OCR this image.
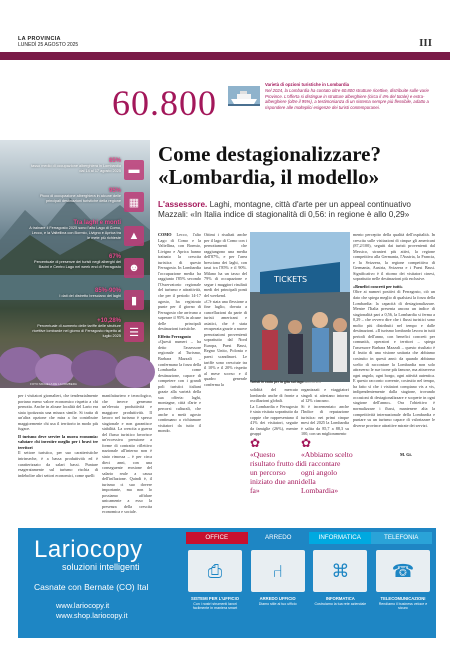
LA PROVINCIA
LUNEDÌ 25 AGOSTO 2025	III
60.800	Varietà di opzioni turistiche in Lombardia
Nel 2024, la Lombardia ha contato oltre 60.800 strutture ricettive, distribuite sulle varie Province. L'offerta si distingue in strutture alberghiere (circa il 4% del totale) e extra-alberghiere (oltre il 95%), a testimonianza di un sistema sempre più flessibile, adatto a rispondere alle molteplici esigenze dei turisti contemporanei.
85%
tasso medio di occupazione alberghiera in Lombardia dal 14 al 17 agosto 2025 ▬
95%
Picco di occupazione alberghiera in alcune delle principali destinazioni turistiche della regione ▦
Tra laghi e monti
A trainare il Ferragosto 2025 sono l'alto Lago di Como, Lecco, e la Valtellina con Bormio, Livigno e Aprica tra le mete più richieste ▲
67%
Percentuale di presenze dei turisti negli alberghi dei Bacini e Centro Lago nel week end di Ferragosto ☻
85%-90%
I dati del distretto bresciano dei laghi ▮
+10,28%
Percentuale di aumento delle tariffe delle strutture ricettive lombarde nel giorno di Ferragosto rispetto al luglio 2025 ☰
FOTO MICHELA DE LA PAMBERA
Come destagionalizzare? «Lombardia, il modello»
L'assessore. Laghi, montagne, città d'arte per un appeal continuativo Mazzali: «In Italia indice di stagionalità di 0,56: in regione è allo 0,29»
COMO Lecco, l'alto Lago di Como e la Valtellina, con Bormio, Livigno e Aprica hanno trainato la crescita turistica di questo Ferragosto. In Lombardia l'occupazione media ha raggiunto l'85% secondo l'Osservatorio regionale del turismo e attrattività, che per il periodo 14-17 agosto, ha registrato punte per il giorno di Ferragosto che arrivano a superare il 95% in alcune delle principali destinazioni turistiche.
Effetto Ferragosto
«Questi numeri – ha detto l'assessore regionale al Turismo, Barbara Mazzali – confermano la forza della Lombardia come destinazione, capace di competere con i grandi poli turistici italiani grazie alla varietà della sua offerta: laghi, montagne, città d'arte e percorsi culturali, che anche a metà agosto continuano a richiamare visitatori da tutto il mondo.
Ottimi i risultati anche per il lago di Como con i pernottamenti che raggiungono una media dell'87%, e per l'area bresciana dei laghi, con tassi tra l'85% e il 90%. Milano ha un tasso del 79% di occupazione e segue i maggiori risultati medi dei principali ponti del weekend.
«C'è stata una flessione a fine luglio, dovuta a cancellazioni da parte di turisti americani e asiatici, che è stata recuperata grazie a nuove prenotazioni provenienti soprattutto dal Nord Europa, Paesi Bassi, Regno Unito, Polonia e paesi scandinavi. Le tariffe sono cresciute tra il 10% e il 20% rispetto al mese scorso e il quadro generale conferma la
TICKETS
Turisti in coda per la gita sul lago ARCHIVIO
solidità del mercato lombardo anche di fronte a oscillazioni globali.
La Lombardia e Ferragosto è stata visitata soprattutto da coppie che rappresentano il 41% dei visitatori, seguite da famiglie (26%), mentre gruppi
organizzati e viaggiatori singoli si attestano intorno al 12% ciascuno.
Si è incrementato anche l'Indice di reputazione turistica: nei primi cinque mesi del 2025 la Lombardia è salita da 85,7 a 88,3 su 100, con un miglioramento
✿
«Questo risultato frutto di un percorso iniziato due anni fa»
✿
«Abbiamo scelto di raccontare ogni angolo della Lombardia»
mento percepito della qualità dell'ospitalità. In crescita sulle visitazioni di cinque gli americani (87,2/100), seguiti dai turisti provenienti dal Messico, stranieri più attivi, la regione competitiva alla Germania, l'Austria, la Francia, e la Svizzera, la regione competitiva di Germania, Austria, Svizzera e i Paesi Bassi. Significativo è il ritorno dei visitatori cinesi, soprattutto nelle destinazioni più esclusive.
«Benefici concreti per tutti»
Oltre ai numeri positivi di Ferragosto, ciò un dato che spiega meglio di qualsiasi la forza della Lombardia: la capacità di destagionalizzare. Mentre l'Italia presenta ancora un indice di stagionalità pari a 0,56, la Lombardia si ferma a 0,29 – che ovvero dire che i flussi turistici sono molto più distribuiti nel tempo e dalle destinazioni. «Il turismo lombardo lavora in tutti periodi dell'anno, con benefici concreti per comunità, operatori e territori – spiega l'assessore Barbara Mazzali – questo risultato è il frutto di una visione unitaria che abbiamo costruito in questi anni: da quando abbiamo scelto di raccontare la Lombardia non solo attraverso le sue icone più famose, ma attraverso ogni angolo, ogni borgo, ogni attività autentica. E questo racconto coerente, costruito nel tempo, ha fatto sì che i visitatori compiano vis a vis, indipendentemente dalla stagione, trovando occasioni di destagionalizzare e scoperte in ogni stagione dell'anno». Ora l'obiettivo è normalizzare i flussi, mantenere alta la competitività internazionale della Lombardia e puntare su un turismo capace di valorizzare le diverse province attrattive mirate dei servizi.
M. Gi.
per i visitatori giornalieri, che tendenzialmente portano meno valore economico rispetto a chi pernotta. Anche in alcune località del Lario era stata ipotizzata una misura simile. Si tratta di un'altra opzione che mira a far contribuire maggiormente chi usa il territorio in modo più fugace.
Il turismo deve servire la nuova economia: valutare chi investire meglio per i bravi tre territori
Il settore turistico, per suo caratteristiche intrinseche, è a bassa produttività ed è caratterizzato da salari bassi. Puntare esageratamente sul turismo rischia di indebolire altri settori economici, come quelli
manifatturiero e tecnologico, che invece generano un'elevata produttività e maggiore produttività. Il lavoro nel turismo è spesso stagionale e non garantisce stabilità. La crescita a guerra del flusso turistico favorisce un'eccessiva pressione a forme di contratto riflettivo nazionale all'interno non è stato rimossa – è per circa dieci anni, con una conseguente erosione del salario reale a causa dell'inflazione. Quindi è, il turismo ci suo dovere importante, ma non lo possiamo affidare unicamente a esso la presenza della crescita economica e sociale.
Lariocopy
soluzioni intelligenti
Casnate con Bernate (CO) Ital
www.lariocopy.it
www.shop.lariocopy.it
OFFICE	ARREDO	INFORMATICA	TELEFONIA
⎙
SISTEMI PER L'UFFICIO
Con i nostri strumenti lavori facilmente in maniera smart
⑁
ARREDO UFFICIO
Diamo stile al tuo ufficio
⌘
INFORMATICA
Costruiamo la tua rete aziendale
☎
TELECOMUNICAZIONI
Rendiamo il business veloce e sicuro
